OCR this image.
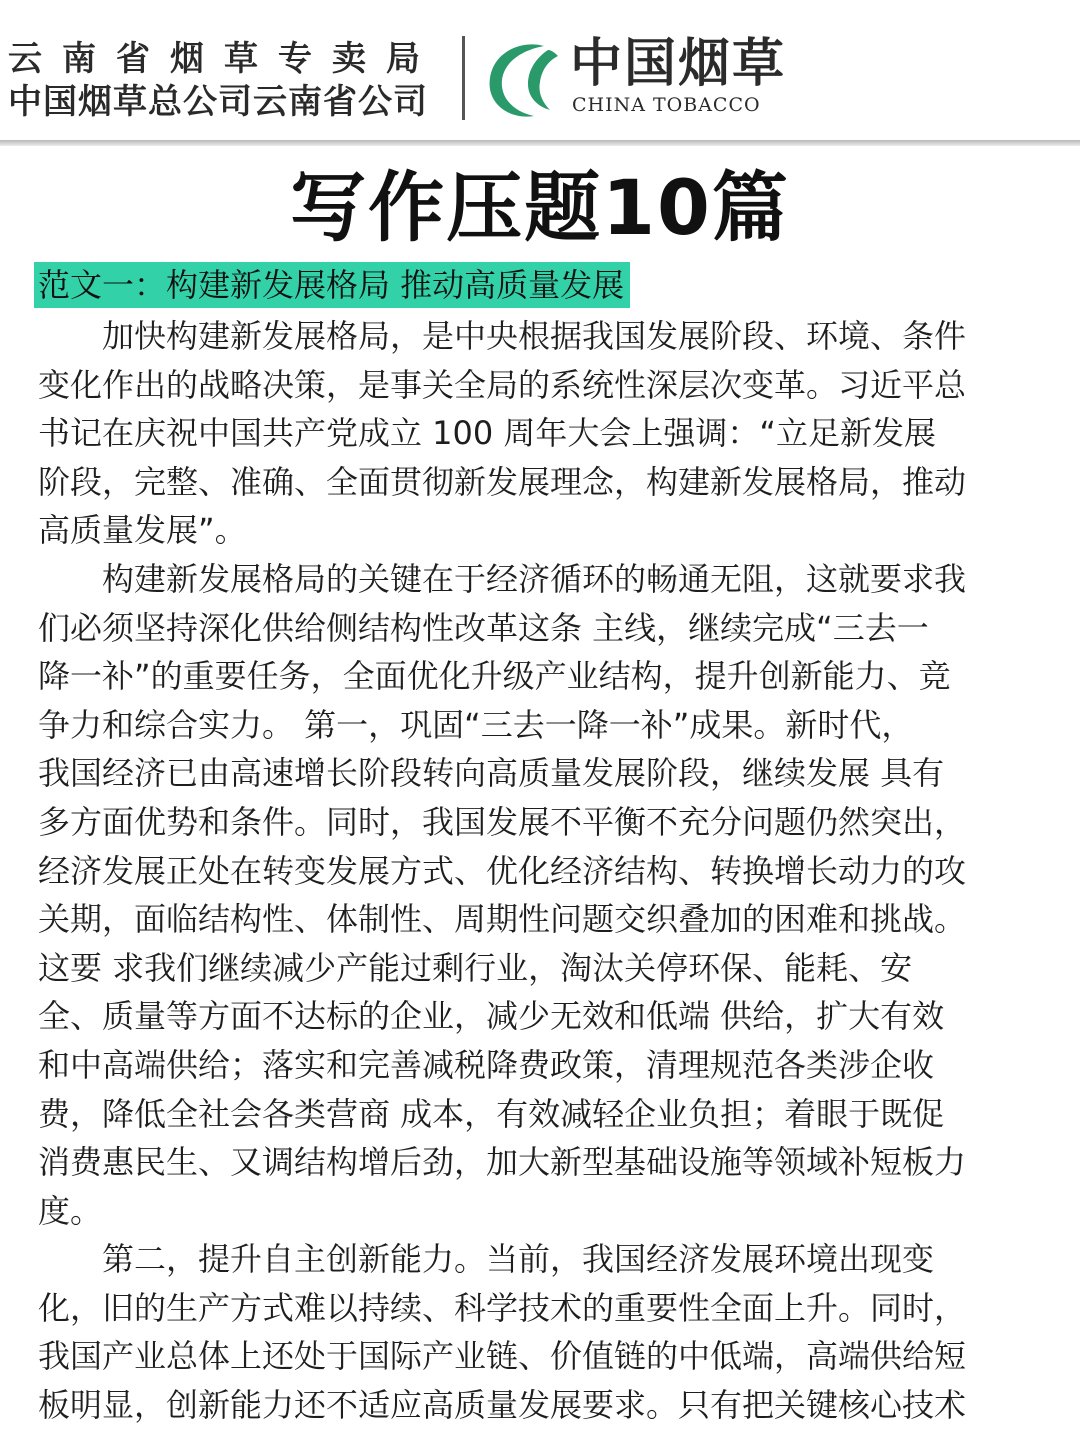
云南省烟草专卖局
中国烟草总公司云南省公司
中国烟草
CHINA TOBACCO
写作压题10篇
范文一：构建新发展格局 推动高质量发展

　　加快构建新发展格局，是中央根据我国发展阶段、环境、条件
变化作出的战略决策，是事关全局的系统性深层次变革。习近平总
书记在庆祝中国共产党成立 100 周年大会上强调：“立足新发展
阶段，完整、准确、全面贯彻新发展理念，构建新发展格局，推动
高质量发展”。

　　构建新发展格局的关键在于经济循环的畅通无阻，这就要求我
们必须坚持深化供给侧结构性改革这条 主线，继续完成“三去一
降一补”的重要任务，全面优化升级产业结构，提升创新能力、竞
争力和综合实力。 第一，巩固“三去一降一补”成果。新时代，
我国经济已由高速增长阶段转向高质量发展阶段，继续发展 具有
多方面优势和条件。同时，我国发展不平衡不充分问题仍然突出，
经济发展正处在转变发展方式、优化经济结构、转换增长动力的攻
关期，面临结构性、体制性、周期性问题交织叠加的困难和挑战。
这要 求我们继续减少产能过剩行业，淘汰关停环保、能耗、安
全、质量等方面不达标的企业，减少无效和低端 供给，扩大有效
和中高端供给；落实和完善减税降费政策，清理规范各类涉企收
费，降低全社会各类营商 成本，有效减轻企业负担；着眼于既促
消费惠民生、又调结构增后劲，加大新型基础设施等领域补短板力
度。

　　第二，提升自主创新能力。当前，我国经济发展环境出现变
化，旧的生产方式难以持续、科学技术的重要性全面上升。同时，
我国产业总体上还处于国际产业链、价值链的中低端，高端供给短
板明显，创新能力还不适应高质量发展要求。只有把关键核心技术
